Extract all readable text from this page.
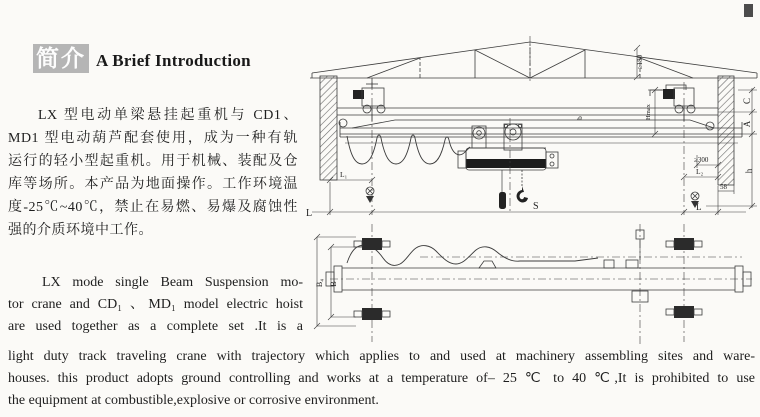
简介 A Brief Introduction
LX 型电动单梁悬挂起重机与 CD1、
MD1 型电动葫芦配套使用，成为一种有轨
运行的轻小型起重机。用于机械、装配及仓
库等场所。本产品为地面操作。工作环境温
度-25℃~40℃，禁止在易燃、易爆及腐蚀性
强的介质环境中工作。
LX mode single Beam Suspension mo-
tor crane and CD₁ 、MD₁ model electric hoist
are used together as a complete set .It is a
light duty track traveling crane with trajectory which applies to and used at machinery assembling sites and ware-
houses. this product adopts ground controlling and works at a temperature of– 25 ℃ to 40 ℃,It is prohibited to use
the equipment at combustible,explosive or corrosive environment.
L
S	L
L₁	L₂
58
≥300
C
A
h
≥180
Hmax
b
B₄ B
